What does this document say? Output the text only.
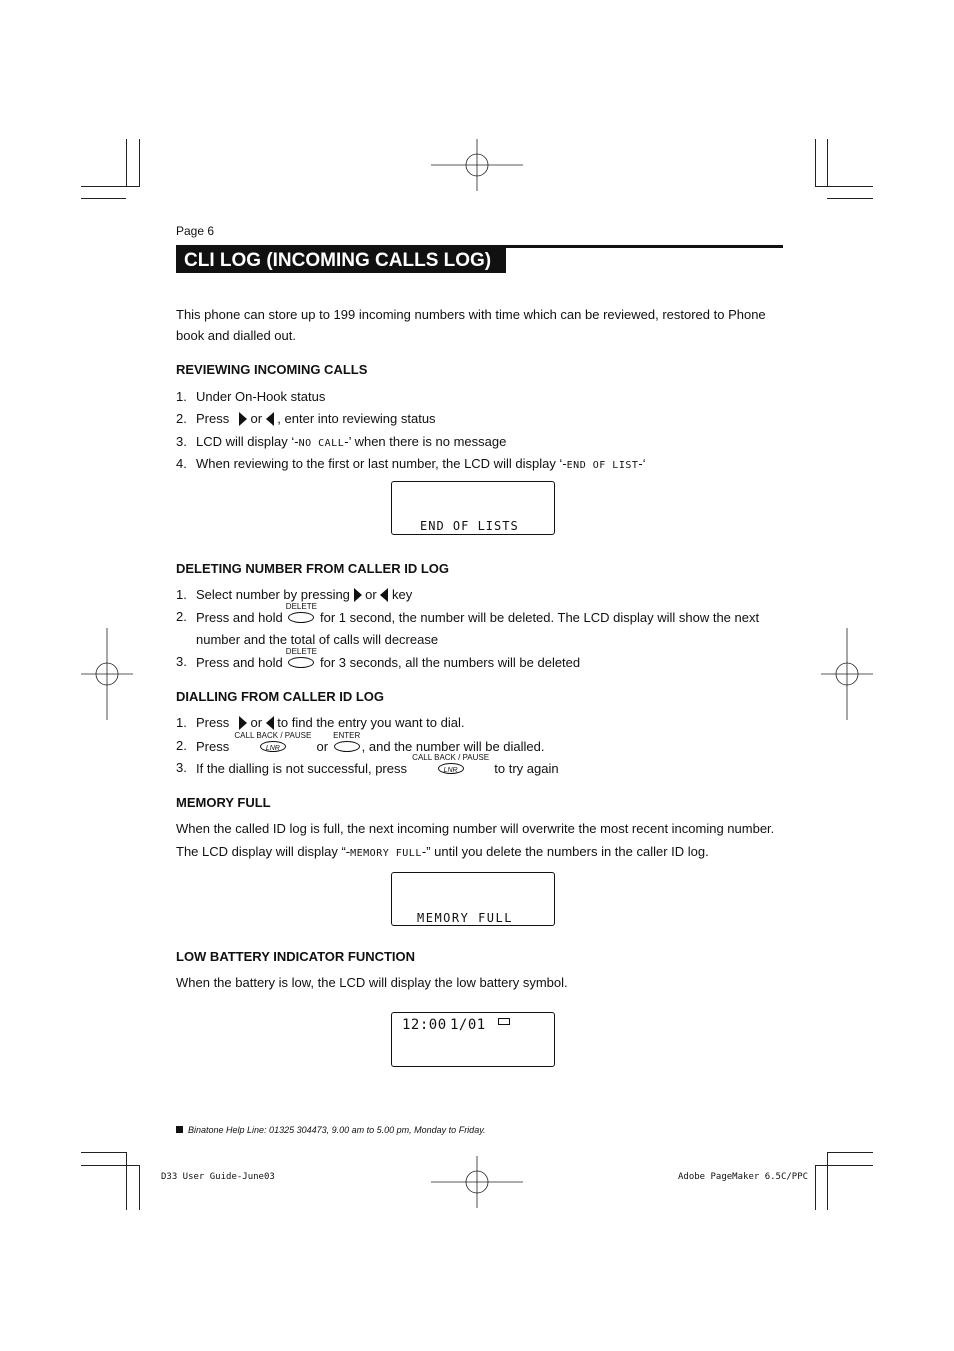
Page 6
CLI LOG (INCOMING CALLS LOG)
This phone can store up to 199 incoming numbers with time which can be reviewed, restored to Phone
book and dialled out.
REVIEWING INCOMING CALLS
1. Under On-Hook status
2. Press or , enter into reviewing status
3. LCD will display ‘-NO CALL-’ when there is no message
4. When reviewing to the first or last number, the LCD will display ‘-END OF LIST-‘
END OF LISTS
DELETING NUMBER FROM CALLER ID LOG
1. Select number by pressing or key
2. Press and hold
DELETE
for 1 second, the number will be deleted. The LCD display will show the next
number and the total of calls will decrease
3. Press and hold
DELETE
for 3 seconds, all the numbers will be deleted
DIALLING FROM CALLER ID LOG
1. Press or to find the entry you want to dial.
2. Press
CALL BACK / PAUSE
LNR	or
ENTER
, and the number will be dialled.
3. If the dialling is not successful, press
CALL BACK / PAUSE
LNR	to try again
MEMORY FULL
When the called ID log is full, the next incoming number will overwrite the most recent incoming number.
The LCD display will display “-MEMORY FULL-” until you delete the numbers in the caller ID log.
MEMORY FULL
LOW BATTERY INDICATOR FUNCTION
When the battery is low, the LCD will display the low battery symbol.
12:00 1/01
Binatone Help Line: 01325 304473, 9.00 am to 5.00 pm, Monday to Friday.
D33 User Guide-June03	Adobe PageMaker 6.5C/PPC
